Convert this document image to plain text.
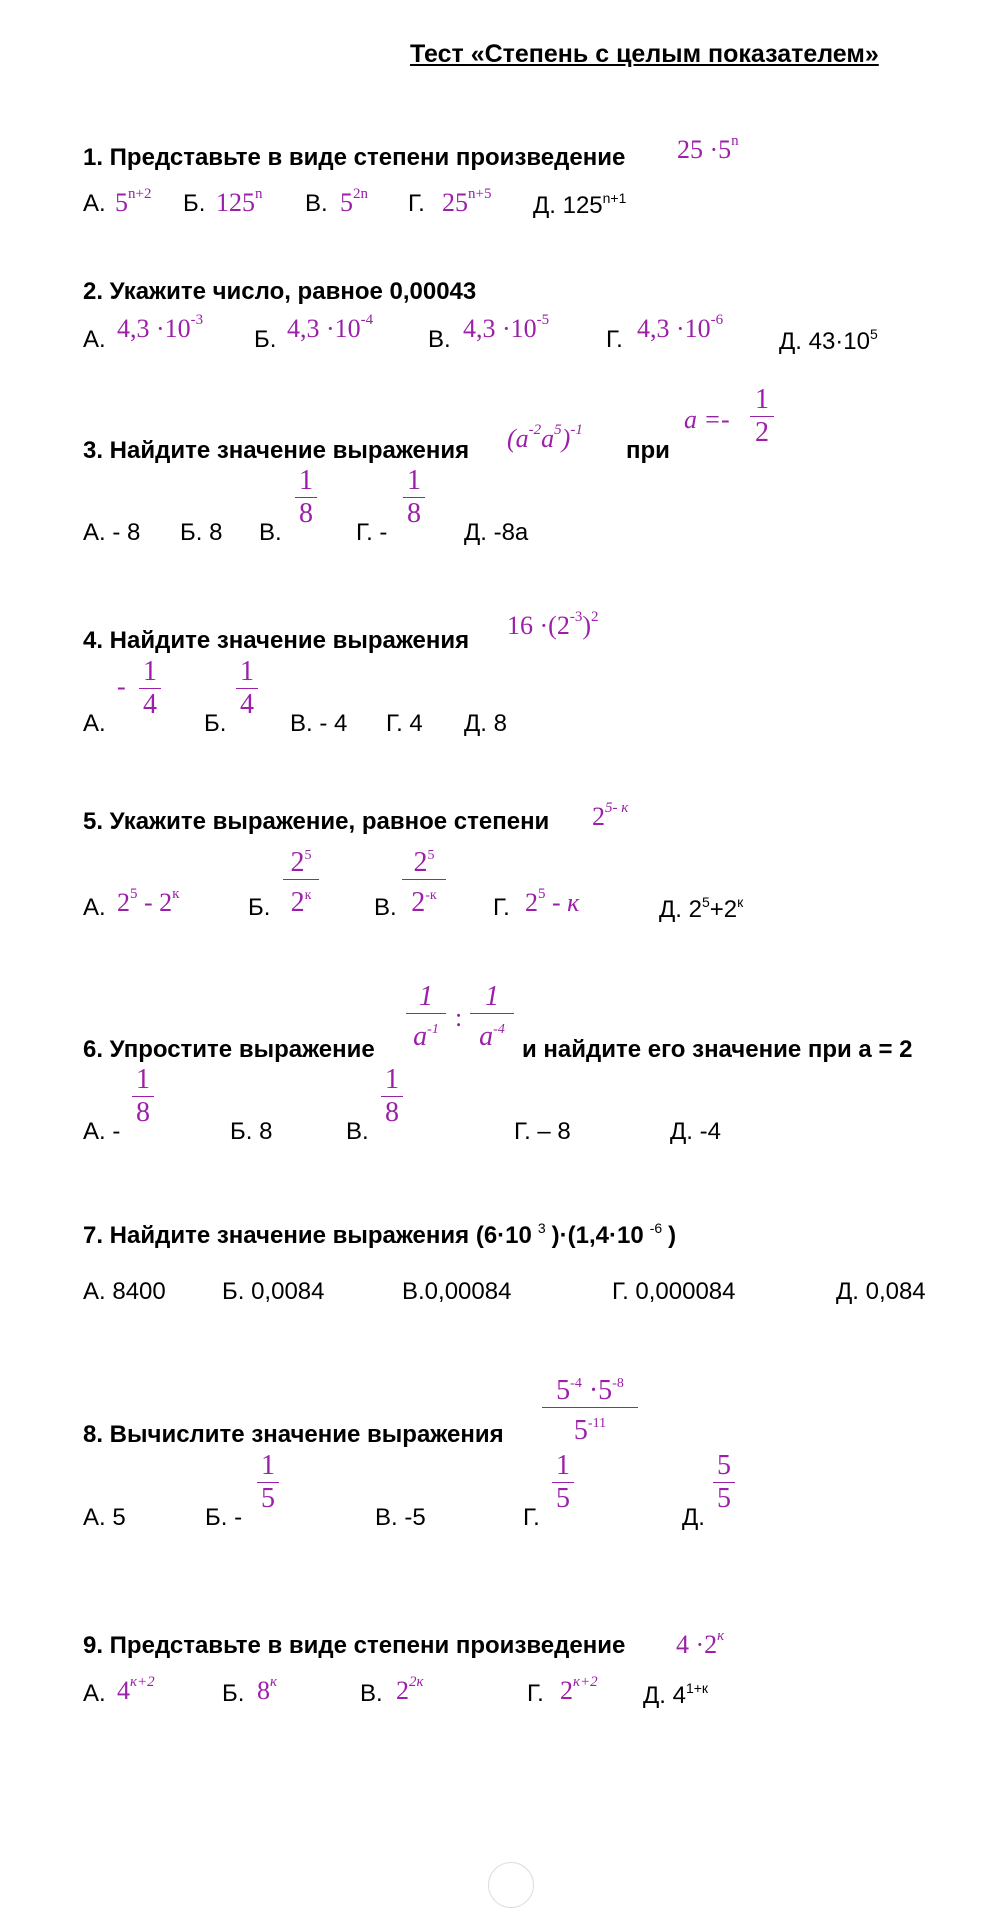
Тест «Степень с целым показателем»
1. Представьте в виде степени произведение $25 \cdot 5^n$
А. $5^{n+2}$ Б. 125$^n$ В. $5^{2n}$ Г. $25^{n+5}$ Д. $125^{n+1}$
2. Укажите число, равное 0,00043
А. $4,3 \cdot 10^{-3}$
Б. $4,3 \cdot 10^{-4}$
В. $4,3 \cdot 10^{-5}$
Г. $4,3 \cdot 10^{-6}$
Д. $43\cdot 10^5$
3. Найдите значение выражения $(a^{-2}a^5)^{-1}$
при
a =-
1
2
А. - 8 Б. 8 В.
1
8
Г. -
1
8
Д. -8а
4. Найдите значение выражения
$16 \cdot(2^{-3})^2$
-
А.
1
4
Б.
1
4
В. - 4 Г. 4 Д. 8
5. Укажите выражение, равное степени $2^{5- к}$
А. $2^5 - 2^к$	Б.
$2^5$
$2^к$	В.
$2^5$
$2^{-к}$	Г. $2^5$ - к	Д. $2^5+2^к$
6. Упростите выражение
1
$a^{-1}$ :
1
$a^{-4}$
и найдите его значение при а = 2
А. -
1
8
Б. 8	В.
1
8
Г. – 8	Д. -4
7. Найдите значение выражения (6·10 $^3$ )·(1,4·10 $^{-6}$ )
А. 8400 Б. 0,0084	В.0,00084	Г. 0,000084	Д. 0,084
8. Вычислите значение выражения
$5^{-4} \cdot 5^{-8}$
$5^{-11}$
А. 5	Б. -
1
5
В. -5	Г.
1
5
Д.
5
5
9. Представьте в виде степени произведение $4 \cdot 2^к$
А. $4^{к+2}$	Б. $8^к$	В. $2^{2к}$	Г. $2^{к+2}$ Д. $4^{1+к}$
